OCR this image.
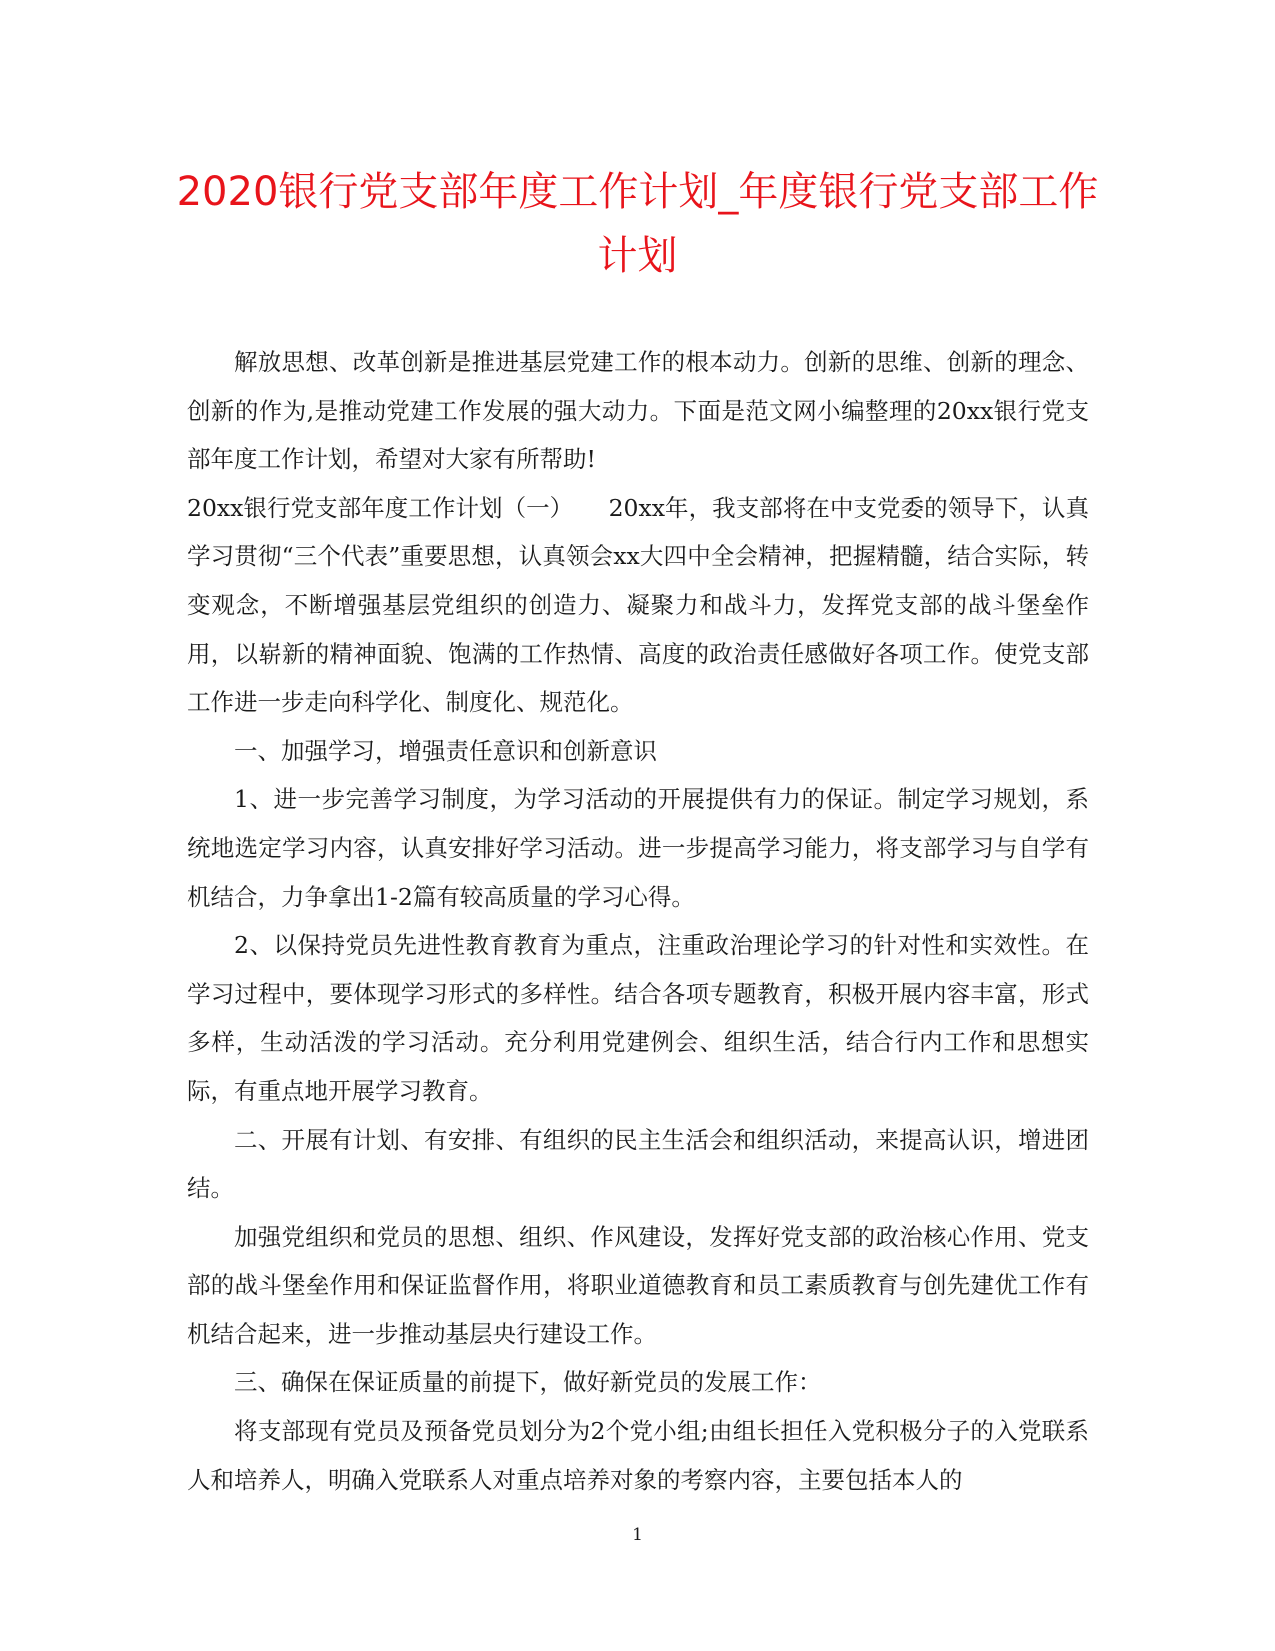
2020银行党支部年度工作计划_年度银行党支部工作计划

解放思想、改革创新是推进基层党建工作的根本动力。创新的思维、创新的理念、创新的作为,是推动党建工作发展的强大动力。下面是范文网小编整理的20xx银行党支部年度工作计划，希望对大家有所帮助!

20xx银行党支部年度工作计划（一）　　20xx年，我支部将在中支党委的领导下，认真学习贯彻“三个代表”重要思想，认真领会xx大四中全会精神，把握精髓，结合实际，转变观念，不断增强基层党组织的创造力、凝聚力和战斗力，发挥党支部的战斗堡垒作用，以崭新的精神面貌、饱满的工作热情、高度的政治责任感做好各项工作。使党支部工作进一步走向科学化、制度化、规范化。

一、加强学习，增强责任意识和创新意识

1、进一步完善学习制度，为学习活动的开展提供有力的保证。制定学习规划，系统地选定学习内容，认真安排好学习活动。进一步提高学习能力，将支部学习与自学有机结合，力争拿出1-2篇有较高质量的学习心得。

2、以保持党员先进性教育教育为重点，注重政治理论学习的针对性和实效性。在学习过程中，要体现学习形式的多样性。结合各项专题教育，积极开展内容丰富，形式多样，生动活泼的学习活动。充分利用党建例会、组织生活，结合行内工作和思想实际，有重点地开展学习教育。

二、开展有计划、有安排、有组织的民主生活会和组织活动，来提高认识，增进团结。

加强党组织和党员的思想、组织、作风建设，发挥好党支部的政治核心作用、党支部的战斗堡垒作用和保证监督作用，将职业道德教育和员工素质教育与创先建优工作有机结合起来，进一步推动基层央行建设工作。

三、确保在保证质量的前提下，做好新党员的发展工作：

将支部现有党员及预备党员划分为2个党小组;由组长担任入党积极分子的入党联系人和培养人，明确入党联系人对重点培养对象的考察内容，主要包括本人的

1
